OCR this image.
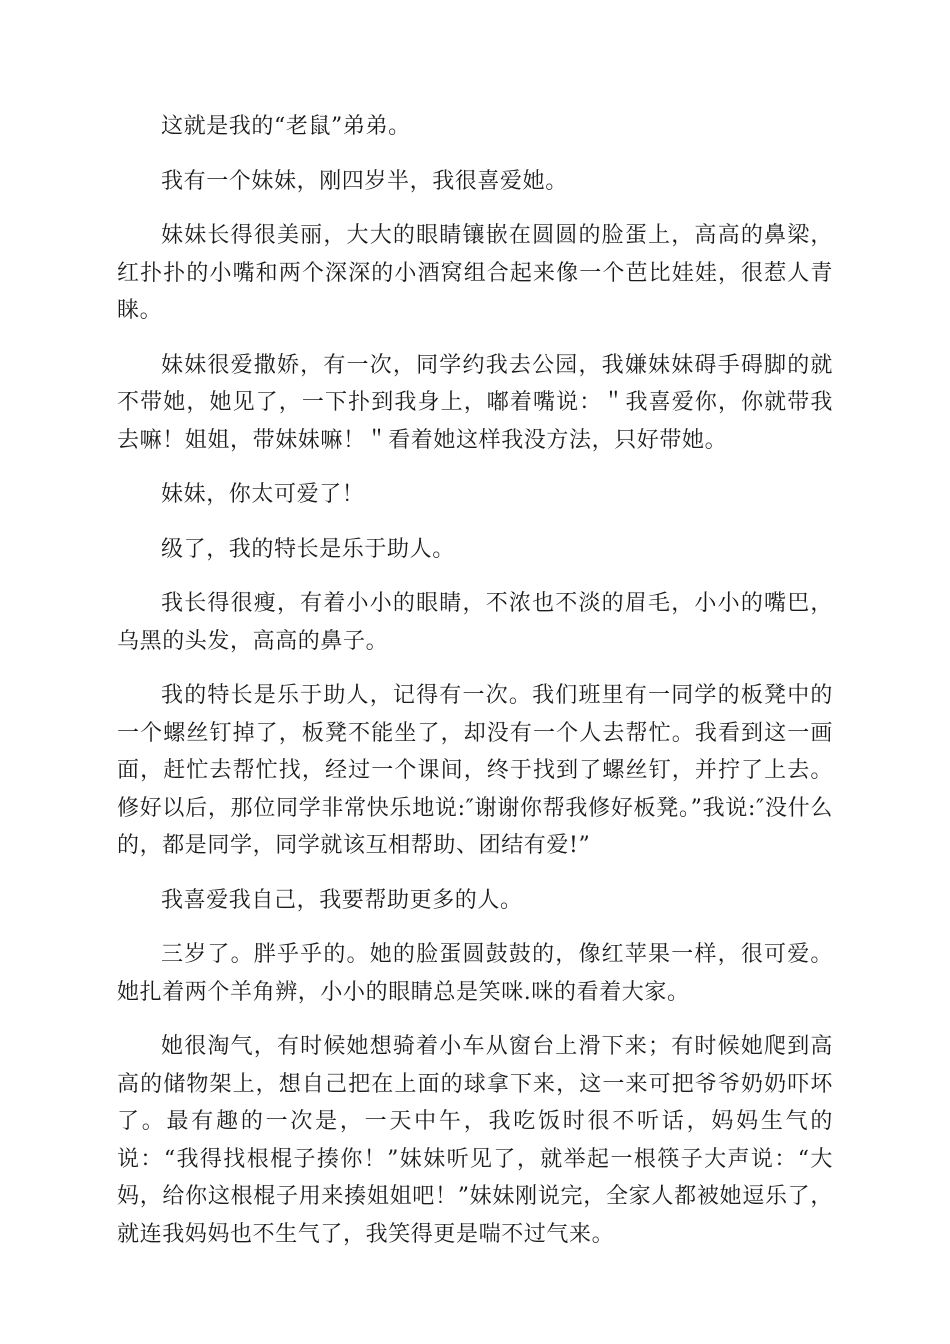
这就是我的“老鼠”弟弟。

我有一个妹妹，刚四岁半，我很喜爱她。

妹妹长得很美丽，大大的眼睛镶嵌在圆圆的脸蛋上，高高的鼻梁，红扑扑的小嘴和两个深深的小酒窝组合起来像一个芭比娃娃，很惹人青睐。

妹妹很爱撒娇，有一次，同学约我去公园，我嫌妹妹碍手碍脚的就不带她，她见了，一下扑到我身上，嘟着嘴说：＂我喜爱你，你就带我去嘛！姐姐，带妹妹嘛！＂看着她这样我没方法，只好带她。

妹妹，你太可爱了！

级了，我的特长是乐于助人。

我长得很瘦，有着小小的眼睛，不浓也不淡的眉毛，小小的嘴巴，乌黑的头发，高高的鼻子。

我的特长是乐于助人，记得有一次。我们班里有一同学的板凳中的一个螺丝钉掉了，板凳不能坐了，却没有一个人去帮忙。我看到这一画面，赶忙去帮忙找，经过一个课间，终于找到了螺丝钉，并拧了上去。修好以后，那位同学非常快乐地说:″谢谢你帮我修好板凳。”我说:″没什么的，都是同学，同学就该互相帮助、团结有爱!”

我喜爱我自己，我要帮助更多的人。

三岁了。胖乎乎的。她的脸蛋圆鼓鼓的，像红苹果一样，很可爱。她扎着两个羊角辨，小小的眼睛总是笑咪.咪的看着大家。

她很淘气，有时候她想骑着小车从窗台上滑下来；有时候她爬到高高的储物架上，想自己把在上面的球拿下来，这一来可把爷爷奶奶吓坏了。最有趣的一次是，一天中午，我吃饭时很不听话，妈妈生气的说：“我得找根棍子揍你！”妹妹听见了，就举起一根筷子大声说：“大妈，给你这根棍子用来揍姐姐吧！”妹妹刚说完，全家人都被她逗乐了，就连我妈妈也不生气了，我笑得更是喘不过气来。
